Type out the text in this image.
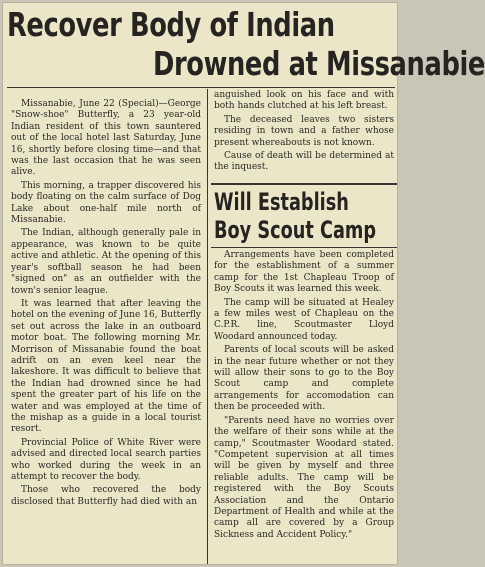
Recover Body of Indian
Drowned at Missanabie

Missanabie, June 22 (Special)—George "Snow-shoe" Butterfly, a 23 year-old Indian resident of this town sauntered out of the local hotel last Saturday, June 16, shortly before closing time—and that was the last occasion that he was seen alive.

This morning, a trapper discovered his body floating on the calm surface of Dog Lake about one-half mile north of Missanabie.

The Indian, although generally pale in appearance, was known to be quite active and athletic. At the opening of this year's softball season he had been "signed on" as an outfielder with the town's senior league.

It was learned that after leaving the hotel on the evening of June 16, Butterfly set out across the lake in an outboard motor boat. The following morning Mr. Morrison of Missanabie found the boat adrift on an even keel near the lakeshore. It was difficult to believe that the Indian had drowned since he had spent the greater part of his life on the water and was employed at the time of the mishap as a guide in a local tourist resort.

Provincial Police of White River were advised and directed local search parties who worked during the week in an attempt to recover the body.

Those who recovered the body disclosed that Butterfly had died with an

anguished look on his face and with both hands clutched at his left breast.

The deceased leaves two sisters residing in town and a father whose present whereabouts is not known.

Cause of death will be determined at the inquest.

Will Establish
Boy Scout Camp

Arrangements have been completed for the establishment of a summer camp for the 1st Chapleau Troop of Boy Scouts it was learned this week.

The camp will be situated at Healey a few miles west of Chapleau on the C.P.R. line, Scoutmaster Lloyd Woodard announced today.

Parents of local scouts will be asked in the near future whether or not they will allow their sons to go to the Boy Scout camp and complete arrangements for accomodation can then be proceeded with.

"Parents need have no worries over the welfare of their sons while at the camp," Scoutmaster Woodard stated. "Competent supervision at all times will be given by myself and three reliable adults. The camp will be registered with the Boy Scouts Association and the Ontario Department of Health and while at the camp all are covered by a Group Sickness and Accident Policy."
